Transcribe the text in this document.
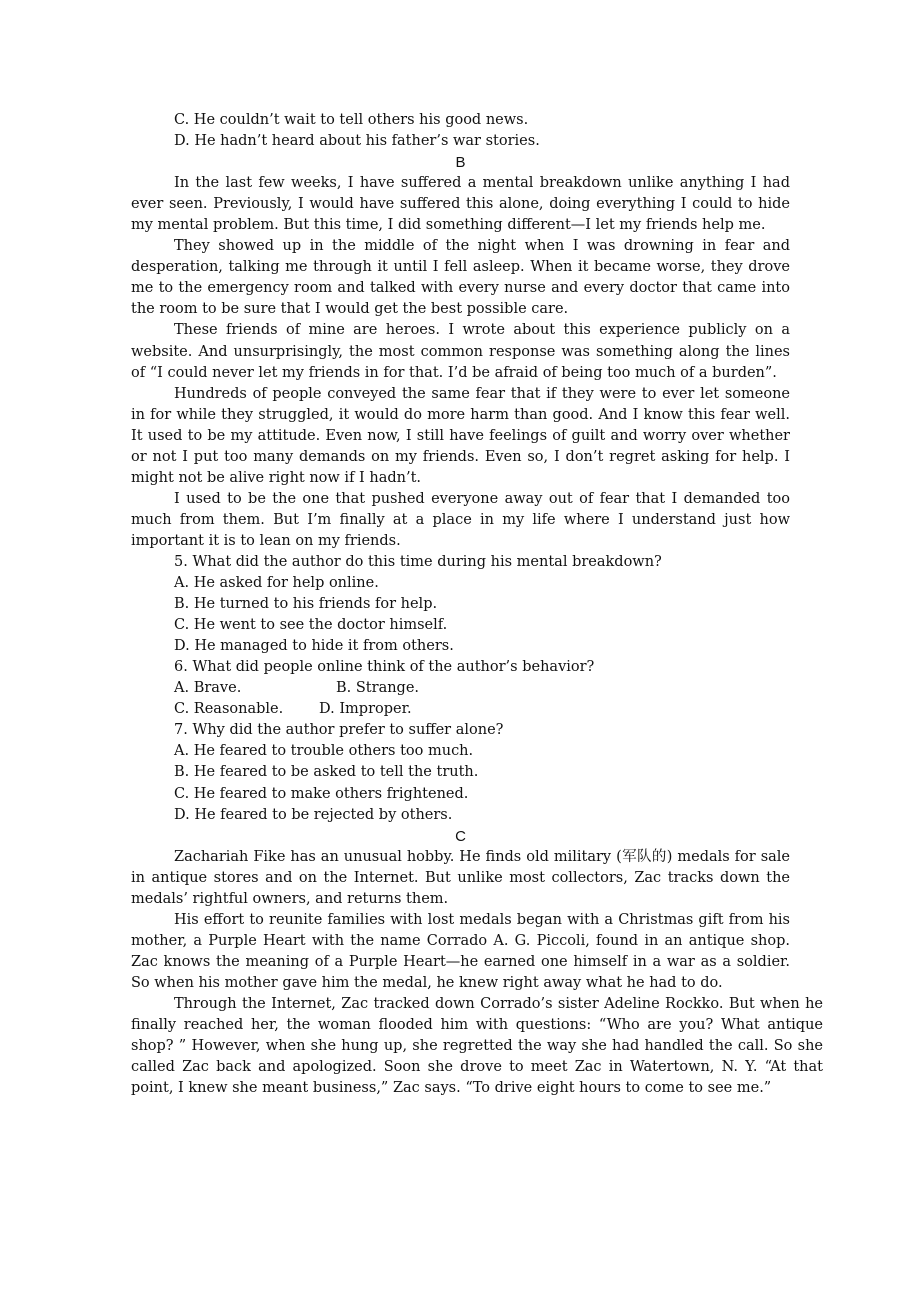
C. He couldn’t wait to tell others his good news.
D. He hadn’t heard about his father’s war stories.
B
In the last few weeks, I have suffered a mental breakdown unlike anything I had ever seen. Previously, I would have suffered this alone, doing everything I could to hide my mental problem. But this time, I did something different—I let my friends help me.
They showed up in the middle of the night when I was drowning in fear and desperation, talking me through it until I fell asleep. When it became worse, they drove me to the emergency room and talked with every nurse and every doctor that came into the room to be sure that I would get the best possible care.
These friends of mine are heroes. I wrote about this experience publicly on a website. And unsurprisingly, the most common response was something along the lines of “I could never let my friends in for that. I’d be afraid of being too much of a burden”.
Hundreds of people conveyed the same fear that if they were to ever let someone in for while they struggled, it would do more harm than good. And I know this fear well. It used to be my attitude. Even now, I still have feelings of guilt and worry over whether or not I put too many demands on my friends. Even so, I don’t regret asking for help. I might not be alive right now if I hadn’t.
I used to be the one that pushed everyone away out of fear that I demanded too much from them. But I’m finally at a place in my life where I understand just how important it is to lean on my friends.
5. What did the author do this time during his mental breakdown?
A. He asked for help online.
B. He turned to his friends for help.
C. He went to see the doctor himself.
D. He managed to hide it from others.
6. What did people online think of the author’s behavior?
A. Brave.	B. Strange.
C. Reasonable. D. Improper.
7. Why did the author prefer to suffer alone?
A. He feared to trouble others too much.
B. He feared to be asked to tell the truth.
C. He feared to make others frightened.
D. He feared to be rejected by others.
C
Zachariah Fike has an unusual hobby. He finds old military (军队的) medals for sale in antique stores and on the Internet. But unlike most collectors, Zac tracks down the medals’ rightful owners, and returns them.
His effort to reunite families with lost medals began with a Christmas gift from his mother, a Purple Heart with the name Corrado A. G. Piccoli, found in an antique shop. Zac knows the meaning of a Purple Heart—he earned one himself in a war as a soldier. So when his mother gave him the medal, he knew right away what he had to do.
Through the Internet, Zac tracked down Corrado’s sister Adeline Rockko. But when he finally reached her, the woman flooded him with questions: “Who are you? What antique shop? ” However, when she hung up, she regretted the way she had handled the call. So she called Zac back and apologized. Soon she drove to meet Zac in Watertown, N. Y. “At that point, I knew she meant business,” Zac says. “To drive eight hours to come to see me.”
